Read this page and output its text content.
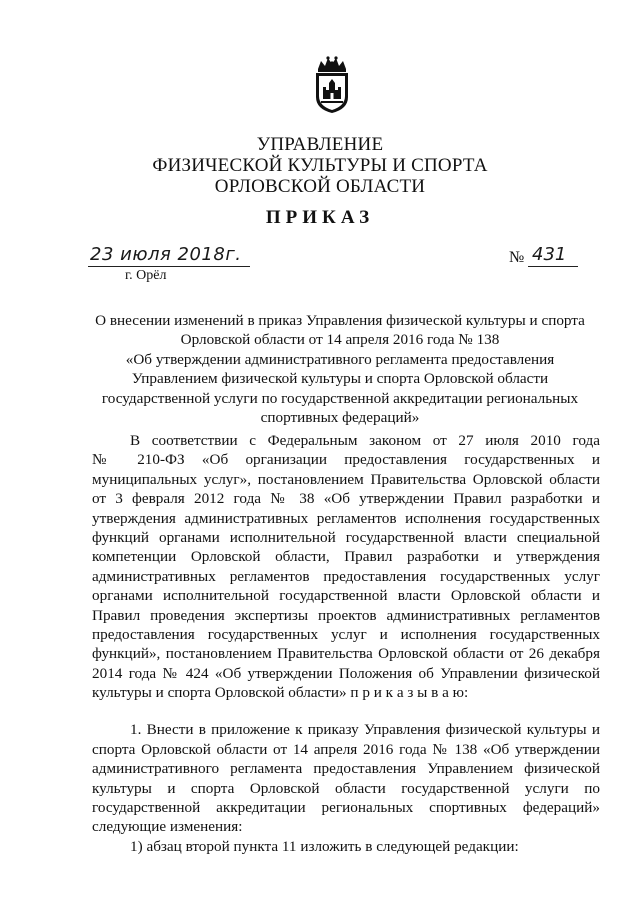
УПРАВЛЕНИЕ
ФИЗИЧЕСКОЙ КУЛЬТУРЫ И СПОРТА
ОРЛОВСКОЙ ОБЛАСТИ
ПРИКАЗ
23 июля 2018г.
г. Орёл
№ 431
О внесении изменений в приказ Управления физической культуры и спорта
Орловской области от 14 апреля 2016 года № 138
«Об утверждении административного регламента предоставления
Управлением физической культуры и спорта Орловской области
государственной услуги по государственной аккредитации региональных
спортивных федераций»
В соответствии с Федеральным законом от 27 июля 2010 года
№ 210-ФЗ «Об организации предоставления государственных и
муниципальных услуг», постановлением Правительства Орловской области
от 3 февраля 2012 года № 38 «Об утверждении Правил разработки и
утверждения административных регламентов исполнения государственных
функций органами исполнительной государственной власти специальной
компетенции Орловской области, Правил разработки и утверждения
административных регламентов предоставления государственных услуг
органами исполнительной государственной власти Орловской области и
Правил проведения экспертизы проектов административных регламентов
предоставления государственных услуг и исполнения государственных
функций», постановлением Правительства Орловской области от 26 декабря
2014 года № 424 «Об утверждении Положения об Управлении физической
культуры и спорта Орловской области» п р и к а з ы в а ю:
1. Внести в приложение к приказу Управления физической культуры и
спорта Орловской области от 14 апреля 2016 года № 138 «Об утверждении
административного регламента предоставления Управлением физической
культуры и спорта Орловской области государственной услуги по
государственной аккредитации региональных спортивных федераций»
следующие изменения:
1) абзац второй пункта 11 изложить в следующей редакции:
